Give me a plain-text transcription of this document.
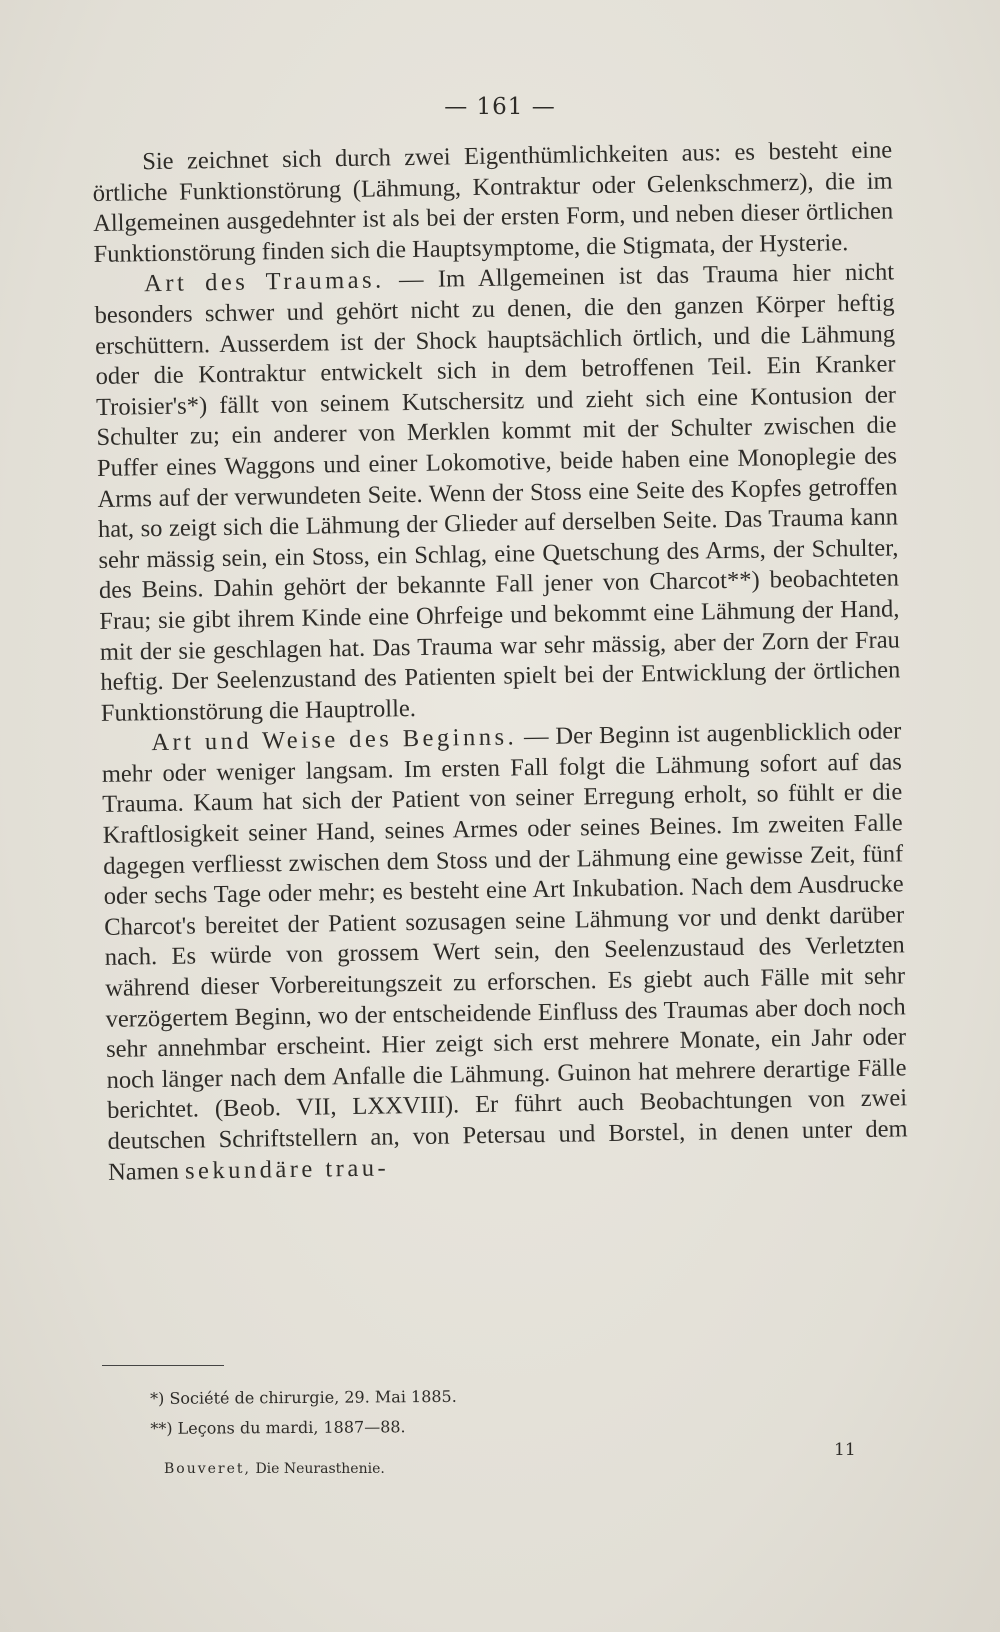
— 161 —

Sie zeichnet sich durch zwei Eigenthümlichkeiten aus: es besteht eine örtliche Funktionstörung (Lähmung, Kontraktur oder Gelenkschmerz), die im Allgemeinen ausgedehnter ist als bei der ersten Form, und neben dieser örtlichen Funktionstörung finden sich die Hauptsymptome, die Stigmata, der Hysterie.

Art des Traumas. — Im Allgemeinen ist das Trauma hier nicht besonders schwer und gehört nicht zu denen, die den ganzen Körper heftig erschüttern. Ausserdem ist der Shock hauptsächlich örtlich, und die Lähmung oder die Kontraktur entwickelt sich in dem betroffenen Teil. Ein Kranker Troisier's*) fällt von seinem Kutschersitz und zieht sich eine Kontusion der Schulter zu; ein anderer von Merklen kommt mit der Schulter zwischen die Puffer eines Waggons und einer Lokomotive, beide haben eine Monoplegie des Arms auf der verwundeten Seite. Wenn der Stoss eine Seite des Kopfes getroffen hat, so zeigt sich die Lähmung der Glieder auf derselben Seite. Das Trauma kann sehr mässig sein, ein Stoss, ein Schlag, eine Quetschung des Arms, der Schulter, des Beins. Dahin gehört der bekannte Fall jener von Charcot**) beobachteten Frau; sie gibt ihrem Kinde eine Ohrfeige und bekommt eine Lähmung der Hand, mit der sie geschlagen hat. Das Trauma war sehr mässig, aber der Zorn der Frau heftig. Der Seelenzustand des Patienten spielt bei der Entwicklung der örtlichen Funktionstörung die Hauptrolle.

Art und Weise des Beginns. — Der Beginn ist augenblicklich oder mehr oder weniger langsam. Im ersten Fall folgt die Lähmung sofort auf das Trauma. Kaum hat sich der Patient von seiner Erregung erholt, so fühlt er die Kraftlosigkeit seiner Hand, seines Armes oder seines Beines. Im zweiten Falle dagegen verfliesst zwischen dem Stoss und der Lähmung eine gewisse Zeit, fünf oder sechs Tage oder mehr; es besteht eine Art Inkubation. Nach dem Ausdrucke Charcot's bereitet der Patient sozusagen seine Lähmung vor und denkt darüber nach. Es würde von grossem Wert sein, den Seelenzustaud des Verletzten während dieser Vorbereitungszeit zu erforschen. Es giebt auch Fälle mit sehr verzögertem Beginn, wo der entscheidende Einfluss des Traumas aber doch noch sehr annehmbar erscheint. Hier zeigt sich erst mehrere Monate, ein Jahr oder noch länger nach dem Anfalle die Lähmung. Guinon hat mehrere derartige Fälle berichtet. (Beob. VII, LXXVIII). Er führt auch Beobachtungen von zwei deutschen Schriftstellern an, von Petersau und Borstel, in denen unter dem Namen sekundäre trau-

*) Société de chirurgie, 29. Mai 1885.
**) Leçons du mardi, 1887—88.
11
Bouveret, Die Neurasthenie.
